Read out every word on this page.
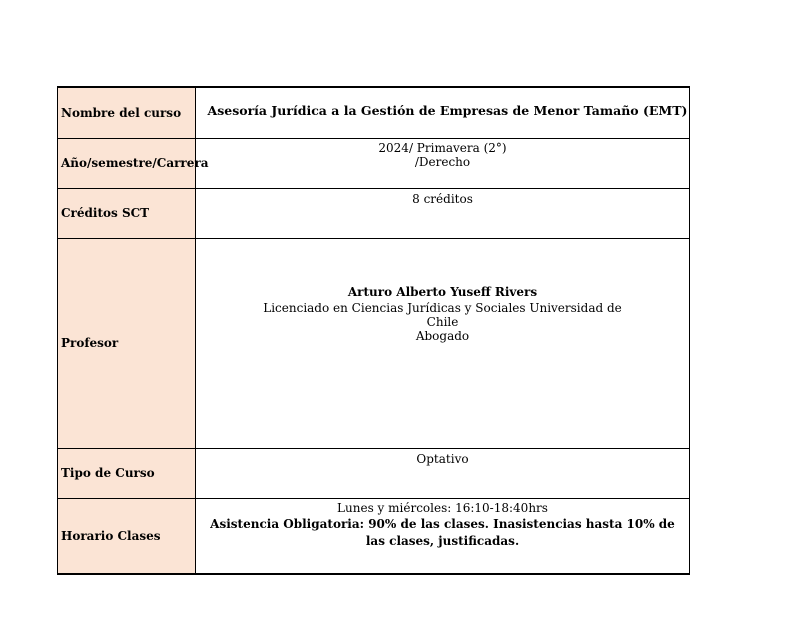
Nombre del curso	Asesoría Jurídica a la Gestión de Empresas de Menor Tamaño (EMT)

Año/semestre/Carrera	2024/ Primavera (2°)
/Derecho

Créditos SCT	8 créditos

Profesor	Arturo Alberto Yuseff Rivers
Licenciado en Ciencias Jurídicas y Sociales Universidad de
Chile
Abogado

Tipo de Curso	Optativo

Horario Clases	Lunes y miércoles: 16:10-18:40hrs
Asistencia Obligatoria: 90% de las clases. Inasistencias hasta 10% de las clases, justificadas.
